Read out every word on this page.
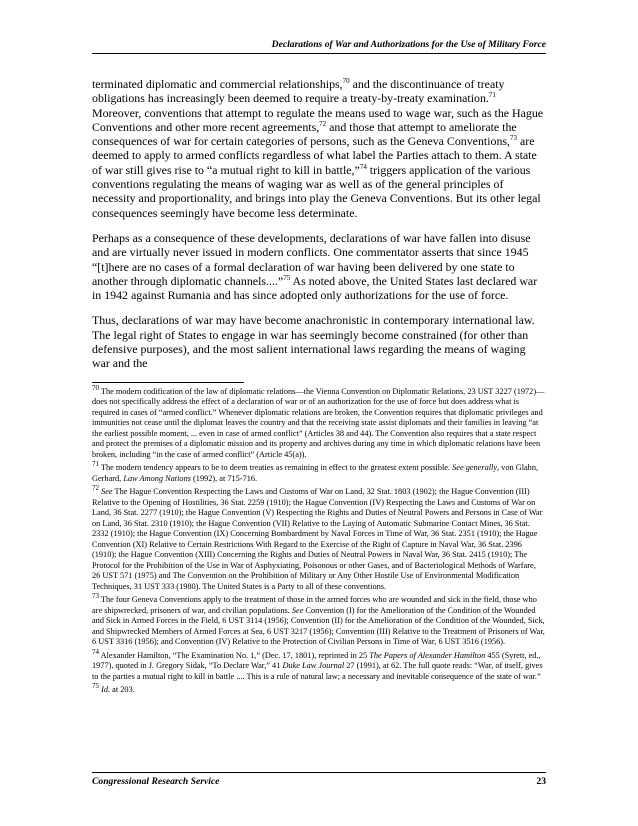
Declarations of War and Authorizations for the Use of Military Force

terminated diplomatic and commercial relationships,$^{70}$ and the discontinuance of treaty obligations has increasingly been deemed to require a treaty-by-treaty examination.$^{71}$ Moreover, conventions that attempt to regulate the means used to wage war, such as the Hague Conventions and other more recent agreements,$^{72}$ and those that attempt to ameliorate the consequences of war for certain categories of persons, such as the Geneva Conventions,$^{73}$ are deemed to apply to armed conflicts regardless of what label the Parties attach to them. A state of war still gives rise to “a mutual right to kill in battle,”$^{74}$ triggers application of the various conventions regulating the means of waging war as well as of the general principles of necessity and proportionality, and brings into play the Geneva Conventions. But its other legal consequences seemingly have become less determinate.

Perhaps as a consequence of these developments, declarations of war have fallen into disuse and are virtually never issued in modern conflicts. One commentator asserts that since 1945 “[t]here are no cases of a formal declaration of war having been delivered by one state to another through diplomatic channels....”$^{75}$ As noted above, the United States last declared war in 1942 against Rumania and has since adopted only authorizations for the use of force.

Thus, declarations of war may have become anachronistic in contemporary international law. The legal right of States to engage in war has seemingly become constrained (for other than defensive purposes), and the most salient international laws regarding the means of waging war and the

$^{70}$ The modern codification of the law of diplomatic relations—the Vienna Convention on Diplomatic Relations, 23 UST 3227 (1972)—does not specifically address the effect of a declaration of war or of an authorization for the use of force but does address what is required in cases of “armed conflict.” Whenever diplomatic relations are broken, the Convention requires that diplomatic privileges and immunities not cease until the diplomat leaves the country and that the receiving state assist diplomats and their families in leaving “at the earliest possible moment, ... even in case of armed conflict” (Articles 38 and 44). The Convention also requires that a state respect and protect the premises of a diplomatic mission and its property and archives during any time in which diplomatic relations have been broken, including “in the case of armed conflict” (Article 45(a)).

$^{71}$ The modern tendency appears to be to deem treaties as remaining in effect to the greatest extent possible. See generally, von Glahn, Gerhard, Law Among Nations (1992), at 715-716.

$^{72}$ See The Hague Convention Respecting the Laws and Customs of War on Land, 32 Stat. 1803 (1902); the Hague Convention (III) Relative to the Opening of Hostilities, 36 Stat. 2259 (1910); the Hague Convention (IV) Respecting the Laws and Customs of War on Land, 36 Stat. 2277 (1910); the Hague Convention (V) Respecting the Rights and Duties of Neutral Powers and Persons in Case of War on Land, 36 Stat. 2310 (1910); the Hague Convention (VII) Relative to the Laying of Automatic Submarine Contact Mines, 36 Stat. 2332 (1910); the Hague Convention (IX) Concerning Bombardment by Naval Forces in Time of War, 36 Stat. 2351 (1910); the Hague Convention (XI) Relative to Certain Restrictions With Regard to the Exercise of the Right of Capture in Naval War, 36 Stat. 2396 (1910); the Hague Convention (XIII) Concerning the Rights and Duties of Neutral Powers in Naval War, 36 Stat. 2415 (1910); The Protocol for the Prohibition of the Use in War of Asphyxiating, Poisonous or other Gases, and of Bacteriological Methods of Warfare, 26 UST 571 (1975) and The Convention on the Prohibition of Military or Any Other Hostile Use of Environmental Modification Techniques, 31 UST 333 (1980). The United States is a Party to all of these conventions.

$^{73}$ The four Geneva Conventions apply to the treatment of those in the armed forces who are wounded and sick in the field, those who are shipwrecked, prisoners of war, and civilian populations. See Convention (I) for the Amelioration of the Condition of the Wounded and Sick in Armed Forces in the Field, 6 UST 3114 (1956); Convention (II) for the Amelioration of the Condition of the Wounded, Sick, and Shipwrecked Members of Armed Forces at Sea, 6 UST 3217 (1956); Convention (III) Relative to the Treatment of Prisoners of War, 6 UST 3316 (1956); and Convention (IV) Relative to the Protection of Civilian Persons in Time of War, 6 UST 3516 (1956).

$^{74}$ Alexander Hamilton, “The Examination No. 1,” (Dec. 17, 1801), reprinted in 25 The Papers of Alexander Hamilton 455 (Syrett, ed., 1977), quoted in J. Gregory Sidak, “To Declare War,” 41 Duke Law Journal 27 (1991), at 62. The full quote reads: “War, of itself, gives to the parties a mutual right to kill in battle .... This is a rule of natural law; a necessary and inevitable consequence of the state of war.”

$^{75}$ Id. at 203.

Congressional Research Service	23
